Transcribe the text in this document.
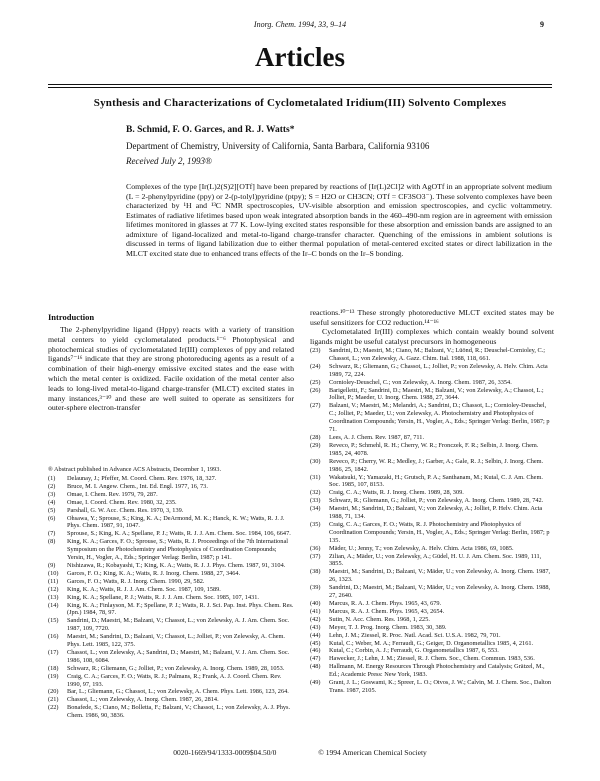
Inorg. Chem. 1994, 33, 9–14	9
Articles
Synthesis and Characterizations of Cyclometalated Iridium(III) Solvento Complexes
B. Schmid, F. O. Garces, and R. J. Watts*
Department of Chemistry, University of California, Santa Barbara, California 93106
Received July 2, 1993®
Complexes of the type [Ir(L)2(S)2][OTf] have been prepared by reactions of [Ir(L)2Cl]2 with AgOTf in an appropriate solvent medium (L = 2-phenylpyridine (ppy) or 2-(p-tolyl)pyridine (ptpy); S = H2O or CH3CN; OTf = CF3SO3⁻). These solvento complexes have been characterized by ¹H and ¹³C NMR spectroscopies, UV-visible absorption and emission spectroscopies, and cyclic voltammetry. Estimates of radiative lifetimes based upon weak integrated absorption bands in the 460–490-nm region are in agreement with emission lifetimes monitored in glasses at 77 K. Low-lying excited states responsible for these absorption and emission bands are assigned to an admixture of ligand-localized and metal-to-ligand charge-transfer character. Quenching of the emissions in ambient solutions is discussed in terms of ligand labilization due to either thermal population of metal-centered excited states or direct labilization in the MLCT excited state due to enhanced trans effects of the Ir–C bonds on the Ir–S bonding.
Introduction
The 2-phenylpyridine ligand (Hppy) reacts with a variety of transition metal centers to yield cyclometalated products.¹⁻⁶ Photophysical and photochemical studies of cyclometalated Ir(III) complexes of ppy and related ligands⁷⁻¹⁶ indicate that they are strong photoreducing agents as a result of a combination of their high-energy emissive excited states and the ease with which the metal center is oxidized. Facile oxidation of the metal center also leads to long-lived metal-to-ligand charge-transfer (MLCT) excited states in many instances,³⁻¹⁰ and these are well suited to operate as sensitizers for outer-sphere electron-transfer
reactions.¹⁰⁻¹³ These strongly photoreductive MLCT excited states may be useful sensitizers for CO2 reduction.¹⁴⁻¹⁶
Cyclometalated Ir(III) complexes which contain weakly bound solvent ligands might be useful catalyst precursors in homogeneous
® Abstract published in Advance ACS Abstracts, December 1, 1993.
(1)	Delaunay, J.; Pfeffer, M. Coord. Chem. Rev. 1976, 18, 327.
(2)	Bruce, M. I. Angew. Chem., Int. Ed. Engl. 1977, 16, 73.
(3)	Omae, I. Chem. Rev. 1979, 79, 287.
(4)	Omae, I. Coord. Chem. Rev. 1980, 32, 235.
(5)	Parshall, G. W. Acc. Chem. Res. 1970, 3, 139.
(6)	Ohsawa, Y.; Sprouse, S.; King, K. A.; DeArmond, M. K.; Hanck, K. W.; Watts, R. J. J. Phys. Chem. 1987, 91, 1047.
(7)	Sprouse, S.; King, K. A.; Spellane, P. J.; Watts, R. J. J. Am. Chem. Soc. 1984, 106, 6647.
(8)	King, K. A.; Garces, F. O.; Sprouse, S.; Watts, R. J. Proceedings of the 7th International Symposium on the Photochemistry and Photophysics of Coordination Compounds; Yersin, H., Vogler, A., Eds.; Springer Verlag: Berlin, 1987; p 141.
(9)	Nishizawa, R.; Kobayashi, T.; King, K. A.; Watts, R. J. J. Phys. Chem. 1987, 91, 3104.
(10)	Garces, F. O.; King, K. A.; Watts, R. J. Inorg. Chem. 1988, 27, 3464.
(11)	Garces, F. O.; Watts, R. J. Inorg. Chem. 1990, 29, 582.
(12)	King, K. A.; Watts, R. J. J. Am. Chem. Soc. 1987, 109, 1589.
(13)	King, K. A.; Spellane, P. J.; Watts, R. J. J. Am. Chem. Soc. 1985, 107, 1431.
(14)	King, K. A.; Finlayson, M. F.; Spellane, P. J.; Watts, R. J. Sci. Pap. Inst. Phys. Chem. Res. (Jpn.) 1984, 78, 97.
(15)	Sandrini, D.; Maestri, M.; Balzani, V.; Chassot, L.; von Zelewsky, A. J. Am. Chem. Soc. 1987, 109, 7720.
(16)	Maestri, M.; Sandrini, D.; Balzani, V.; Chassot, L.; Jolliet, P.; von Zelewsky, A. Chem. Phys. Lett. 1985, 122, 375.
(17)	Chassot, L.; von Zelewsky, A.; Sandrini, D.; Maestri, M.; Balzani, V. J. Am. Chem. Soc. 1986, 108, 6084.
(18)	Schwarz, R.; Gliemann, G.; Jolliet, P.; von Zelewsky, A. Inorg. Chem. 1989, 28, 1053.
(19)	Craig, C. A.; Garces, F. O.; Watts, R. J.; Palmans, R.; Frank, A. J. Coord. Chem. Rev. 1990, 97, 193.
(20)	Bar, L.; Gliemann, G.; Chassot, L.; von Zelewsky, A. Chem. Phys. Lett. 1986, 123, 264.
(21)	Chassot, L.; von Zelewsky, A. Inorg. Chem. 1987, 26, 2814.
(22)	Bonafede, S.; Ciano, M.; Bolletta, F.; Balzani, V.; Chassot, L.; von Zelewsky, A. J. Phys. Chem. 1986, 90, 3836.
(23)	Sandrini, D.; Maestri, M.; Ciano, M.; Balzani, V.; Lüönd, R.; Deuschel-Cornioley, C.; Chassot, L.; von Zelewsky, A. Gazz. Chim. Ital. 1988, 118, 661.
(24)	Schwarz, R.; Gliemann, G.; Chassot, L.; Jolliet, P.; von Zelewsky, A. Helv. Chim. Acta 1989, 72, 224.
(25)	Cornioley-Deuschel, C.; von Zelewsky, A. Inorg. Chem. 1987, 26, 3354.
(26)	Barigelletti, F.; Sandrini, D.; Maestri, M.; Balzani, V.; von Zelewsky, A.; Chassot, L.; Jolliet, P.; Maeder, U. Inorg. Chem. 1988, 27, 3644.
(27)	Balzani, V.; Maestri, M.; Melandri, A.; Sandrini, D.; Chassot, L.; Cornioley-Deuschel, C.; Jolliet, P.; Maeder, U.; von Zelewsky, A. Photochemistry and Photophysics of Coordination Compounds; Yersin, H., Vogler, A., Eds.; Springer Verlag: Berlin, 1987; p 71.
(28)	Lees, A. J. Chem. Rev. 1987, 87, 711.
(29)	Reveco, P.; Schmehl, R. H.; Cherry, W. R.; Fronczek, F. R.; Selbin, J. Inorg. Chem. 1985, 24, 4078.
(30)	Reveco, P.; Cherry, W. R.; Medley, J.; Garber, A.; Gale, R. J.; Selbin, J. Inorg. Chem. 1986, 25, 1842.
(31)	Wakatsuki, Y.; Yamazaki, H.; Grutsch, P. A.; Santhanam, M.; Kutal, C. J. Am. Chem. Soc. 1985, 107, 8153.
(32)	Craig, C. A.; Watts, R. J. Inorg. Chem. 1989, 28, 309.
(33)	Schwarz, R.; Gliemann, G.; Jolliet, P.; von Zelewsky, A. Inorg. Chem. 1989, 28, 742.
(34)	Maestri, M.; Sandrini, D.; Balzani, V.; von Zelewsky, A.; Jolliet, P. Helv. Chim. Acta 1988, 71, 134.
(35)	Craig, C. A.; Garces, F. O.; Watts, R. J. Photochemistry and Photophysics of Coordination Compounds; Yersin, H., Vogler, A., Eds.; Springer Verlag: Berlin, 1987; p 135.
(36)	Mäder, U.; Jenny, T.; von Zelewsky, A. Helv. Chim. Acta 1986, 69, 1085.
(37)	Zilian, A.; Mäder, U.; von Zelewsky, A.; Güdel, H. U. J. Am. Chem. Soc. 1989, 111, 3855.
(38)	Maestri, M.; Sandrini, D.; Balzani, V.; Mäder, U.; von Zelewsky, A. Inorg. Chem. 1987, 26, 1323.
(39)	Sandrini, D.; Maestri, M.; Balzani, V.; Mäder, U.; von Zelewsky, A. Inorg. Chem. 1988, 27, 2640.
(40)	Marcus, R. A. J. Chem. Phys. 1965, 43, 679.
(41)	Marcus, R. A. J. Chem. Phys. 1965, 43, 2654.
(42)	Sutin, N. Acc. Chem. Res. 1968, 1, 225.
(43)	Meyer, T. J. Prog. Inorg. Chem. 1983, 30, 389.
(44)	Lehn, J. M.; Ziessel, R. Proc. Natl. Acad. Sci. U.S.A. 1982, 79, 701.
(45)	Kutal, C.; Weber, M. A.; Ferraudi, G.; Geiger, D. Organometallics 1985, 4, 2161.
(46)	Kutal, C.; Corbin, A. J.; Ferraudi, G. Organometallics 1987, 6, 553.
(47)	Hawecker, J.; Lehn, J. M.; Ziessel, R. J. Chem. Soc., Chem. Commun. 1983, 536.
(48)	Hallmann, M. Energy Resources Through Photochemistry and Catalysis; Grätzel, M., Ed.; Academic Press: New York, 1983.
(49)	Grant, J. L.; Goswami, K.; Spreer, L. O.; Otvos, J. W.; Calvin, M. J. Chem. Soc., Dalton Trans. 1987, 2105.
0020-1669/94/1333-0009$04.50/0	© 1994 American Chemical Society
